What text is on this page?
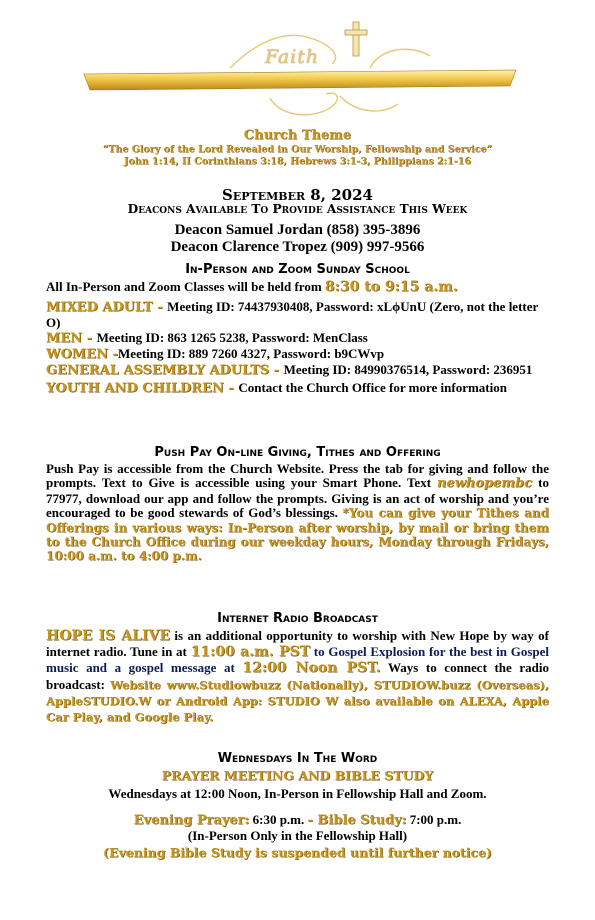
Faith
Church Theme
“The Glory of the Lord Revealed in Our Worship, Fellowship and Service”
John 1:14, II Corinthians 3:18, Hebrews 3:1-3, Philippians 2:1-16
September 8, 2024
Deacons Available To Provide Assistance This Week
Deacon Samuel Jordan (858) 395-3896
Deacon Clarence Tropez (909) 997-9566
In-Person and Zoom Sunday School
All In-Person and Zoom Classes will be held from 8:30 to 9:15 a.m.
MIXED ADULT - Meeting ID: 74437930408, Password: xLϕUnU (Zero, not the letter O)
MEN - Meeting ID: 863 1265 5238, Password: MenClass
WOMEN -Meeting ID: 889 7260 4327, Password: b9CWvp
GENERAL ASSEMBLY ADULTS - Meeting ID: 84990376514, Password: 236951
YOUTH AND CHILDREN - Contact the Church Office for more information
Push Pay On-line Giving, Tithes and Offering
Push Pay is accessible from the Church Website. Press the tab for giving and follow the prompts. Text to Give is accessible using your Smart Phone. Text newhopembc to 77977, download our app and follow the prompts. Giving is an act of worship and you’re encouraged to be good stewards of God’s blessings. *You can give your Tithes and Offerings in various ways: In-Person after worship, by mail or bring them to the Church Office during our weekday hours, Monday through Fridays, 10:00 a.m. to 4:00 p.m.
Internet Radio Broadcast
HOPE IS ALIVE is an additional opportunity to worship with New Hope by way of internet radio. Tune in at 11:00 a.m. PST to Gospel Explosion for the best in Gospel music and a gospel message at 12:00 Noon PST. Ways to connect the radio broadcast: Website www.Studiowbuzz (Nationally), STUDIOW.buzz (Overseas), AppleSTUDIO.W or Android App: STUDIO W also available on ALEXA, Apple Car Play, and Google Play.
Wednesdays In The Word
PRAYER MEETING AND BIBLE STUDY
Wednesdays at 12:00 Noon, In-Person in Fellowship Hall and Zoom.
Evening Prayer: 6:30 p.m. - Bible Study: 7:00 p.m.
(In-Person Only in the Fellowship Hall)
(Evening Bible Study is suspended until further notice)
